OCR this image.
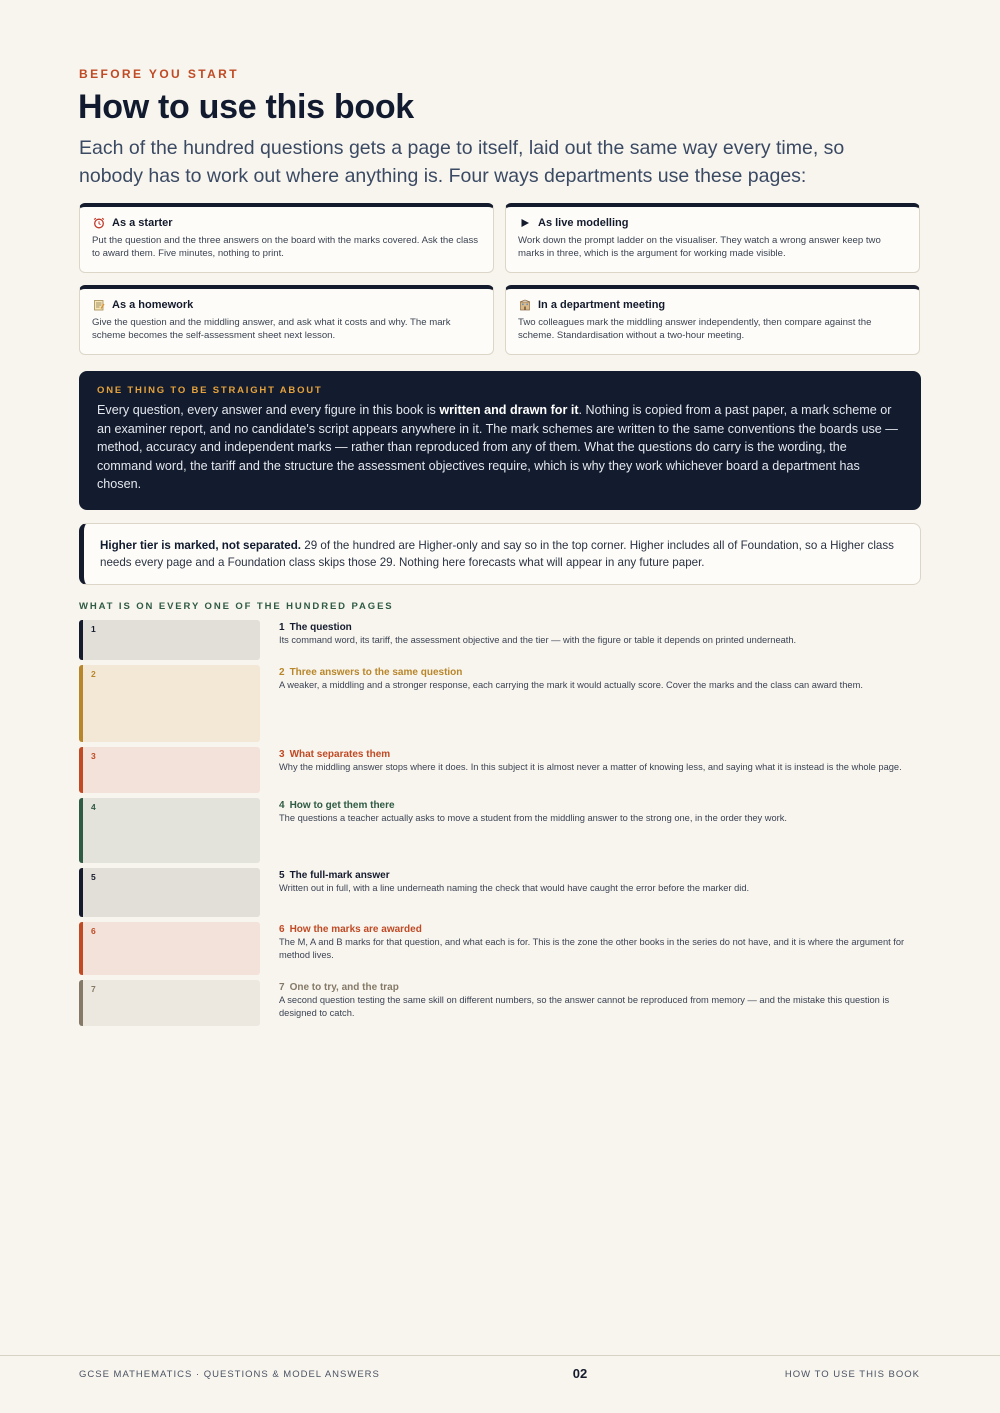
BEFORE YOU START
How to use this book

Each of the hundred questions gets a page to itself, laid out the same way every time, so nobody has to work out where anything is. Four ways departments use these pages:

As a starter
Put the question and the three answers on the board with the marks covered. Ask the class to award them. Five minutes, nothing to print.
As live modelling
Work down the prompt ladder on the visualiser. They watch a wrong answer keep two marks in three, which is the argument for working made visible.
As a homework
Give the question and the middling answer, and ask what it costs and why. The mark scheme becomes the self-assessment sheet next lesson.
In a department meeting
Two colleagues mark the middling answer independently, then compare against the scheme. Standardisation without a two-hour meeting.
ONE THING TO BE STRAIGHT ABOUT

Every question, every answer and every figure in this book is written and drawn for it. Nothing is copied from a past paper, a mark scheme or an examiner report, and no candidate's script appears anywhere in it. The mark schemes are written to the same conventions the boards use — method, accuracy and independent marks — rather than reproduced from any of them. What the questions do carry is the wording, the command word, the tariff and the structure the assessment objectives require, which is why they work whichever board a department has chosen.

Higher tier is marked, not separated. 29 of the hundred are Higher-only and say so in the top corner. Higher includes all of Foundation, so a Higher class needs every page and a Foundation class skips those 29. Nothing here forecasts what will appear in any future paper.
WHAT IS ON EVERY ONE OF THE HUNDRED PAGES
1	1 The question
Its command word, its tariff, the assessment objective and the tier — with the figure or table it depends on printed underneath.
2	2 Three answers to the same question
A weaker, a middling and a stronger response, each carrying the mark it would actually score. Cover the marks and the class can award them.
3	3 What separates them
Why the middling answer stops where it does. In this subject it is almost never a matter of knowing less, and saying what it is instead is the whole page.
4	4 How to get them there
The questions a teacher actually asks to move a student from the middling answer to the strong one, in the order they work.
5	5 The full-mark answer
Written out in full, with a line underneath naming the check that would have caught the error before the marker did.
6	6 How the marks are awarded
The M, A and B marks for that question, and what each is for. This is the zone the other books in the series do not have, and it is where the argument for method lives.
7	7 One to try, and the trap
A second question testing the same skill on different numbers, so the answer cannot be reproduced from memory — and the mistake this question is designed to catch.
GCSE MATHEMATICS · QUESTIONS & MODEL ANSWERS	02	HOW TO USE THIS BOOK
